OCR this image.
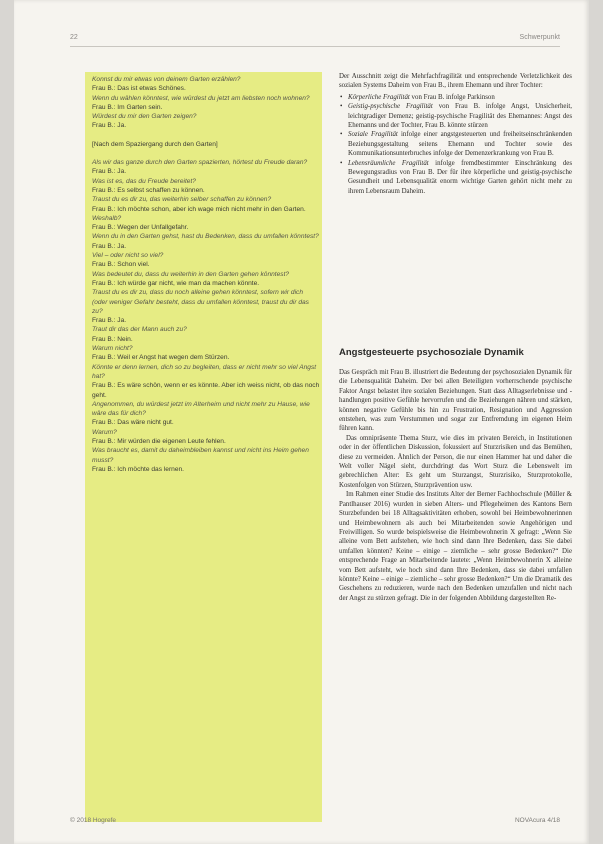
22	Schwerpunkt
Konnst du mir etwas von deinem Garten erzählen?
Frau B.: Das ist etwas Schönes.
Wenn du wählen könntest, wie würdest du jetzt am liebsten noch wohnen?
Frau B.: Im Garten sein.
Würdest du mir den Garten zeigen?
Frau B.: Ja.
[Nach dem Spaziergang durch den Garten]
Als wir das ganze durch den Garten spazierten, hörtest du Freude daran?
Frau B.: Ja.
Was ist es, das du Freude bereitet?
Frau B.: Es selbst schaffen zu können.
Traust du es dir zu, das weiterhin selber schaffen zu können?
Frau B.: Ich möchte schon, aber ich wage mich nicht mehr in den Garten.
Weshalb?
Frau B.: Wegen der Unfallgefahr.
Wenn du in den Garten gehst, hast du Bedenken, dass du umfallen könntest?
Frau B.: Ja.
Viel – oder nicht so viel?
Frau B.: Schon viel.
Was bedeutet du, dass du weiterhin in den Garten gehen könntest?
Frau B.: Ich würde gar nicht, wie man da machen könnte.
Traust du es dir zu, dass du noch alleine gehen könntest, sofern wir dich (oder weniger Gefahr besteht, dass du umfallen könntest, traust du dir das zu?
Frau B.: Ja.
Traut dir das der Mann auch zu?
Frau B.: Nein.
Warum nicht?
Frau B.: Weil er Angst hat wegen dem Stürzen.
Könnte er denn lernen, dich so zu begleiten, dass er nicht mehr so viel Angst hat?
Frau B.: Es wäre schön, wenn er es könnte. Aber ich weiss nicht, ob das noch geht.
Angenommen, du würdest jetzt im Alterheim und nicht mehr zu Hause, wie wäre das für dich?
Frau B.: Das wäre nicht gut.
Warum?
Frau B.: Mir würden die eigenen Leute fehlen.
Was braucht es, damit du daheimbleiben kannst und nicht ins Heim gehen musst?
Frau B.: Ich möchte das lernen.

Der Ausschnitt zeigt die Mehrfachfragilität und entsprechende Verletzlichkeit des sozialen Systems Daheim von Frau B., ihrem Ehemann und ihrer Tochter:

• Körperliche Fragilität von Frau B. infolge Parkinson
• Geistig-psychische Fragilität von Frau B. infolge Angst, Unsicherheit, leichtgradiger Demenz; geistig-psychische Fragilität des Ehemannes: Angst des Ehemanns und der Tochter, Frau B. könnte stürzen
• Soziale Fragilität infolge einer angstgesteuerten und freiheitseinschränkenden Beziehungsgestaltung seitens Ehemann und Tochter sowie des Kommunikationsunterbruches infolge der Demenzerkrankung von Frau B.
• Lebensräumliche Fragilität infolge fremdbestimmter Einschränkung des Bewegungsradius von Frau B. Der für ihre körperliche und geistig-psychische Gesundheit und Lebensqualität enorm wichtige Garten gehört nicht mehr zu ihrem Lebensraum Daheim.
Angstgesteuerte psychosoziale Dynamik

Das Gespräch mit Frau B. illustriert die Bedeutung der psychosozialen Dynamik für die Lebensqualität Daheim. Der bei allen Beteiligten vorherrschende psychische Faktor Angst belastet ihre sozialen Beziehungen. Statt dass Alltagserlebnisse und -handlungen positive Gefühle hervorrufen und die Beziehungen nähren und stärken, können negative Gefühle bis hin zu Frustration, Resignation und Aggression entstehen, was zum Verstummen und sogar zur Entfremdung im eigenen Heim führen kann.

Das omnipräsente Thema Sturz, wie dies im privaten Bereich, in Institutionen oder in der öffentlichen Diskussion, fokussiert auf Sturzrisiken und das Bemühen, diese zu vermeiden. Ähnlich der Person, die nur einen Hammer hat und daher die Welt voller Nägel sieht, durchdringt das Wort Sturz die Lebenswelt im gebrechlichen Alter: Es geht um Sturzangst, Sturzrisiko, Sturzprotokolle, Kostenfolgen von Stürzen, Sturzprävention usw.

Im Rahmen einer Studie des Instituts Alter der Berner Fachhochschule (Müller & Pantlhauser 2016) wurden in sieben Alters- und Pflegeheimen des Kantons Bern Sturzbefunden bei 18 Alltagsaktivitäten erhoben, sowohl bei Heimbewohnerinnen und Heimbewohnern als auch bei Mitarbeitenden sowie Angehörigen und Freiwilligen. So wurde beispielsweise die Heimbewohnerin X gefragt: „Wenn Sie alleine vom Bett aufstehen, wie hoch sind dann Ihre Bedenken, dass Sie dabei umfallen könnten? Keine – einige – ziemliche – sehr grosse Bedenken?“ Die entsprechende Frage an Mitarbeitende lautete: „Wenn Heimbewohnerin X alleine vom Bett aufsteht, wie hoch sind dann Ihre Bedenken, dass sie dabei umfallen könnte? Keine – einige – ziemliche – sehr grosse Bedenken?“ Um die Dramatik des Geschehens zu reduzieren, wurde nach den Bedenken umzufallen und nicht nach der Angst zu stürzen gefragt. Die in der folgenden Abbildung dargestellten Re-

© 2018 Hogrefe	NOVAcura 4/18
